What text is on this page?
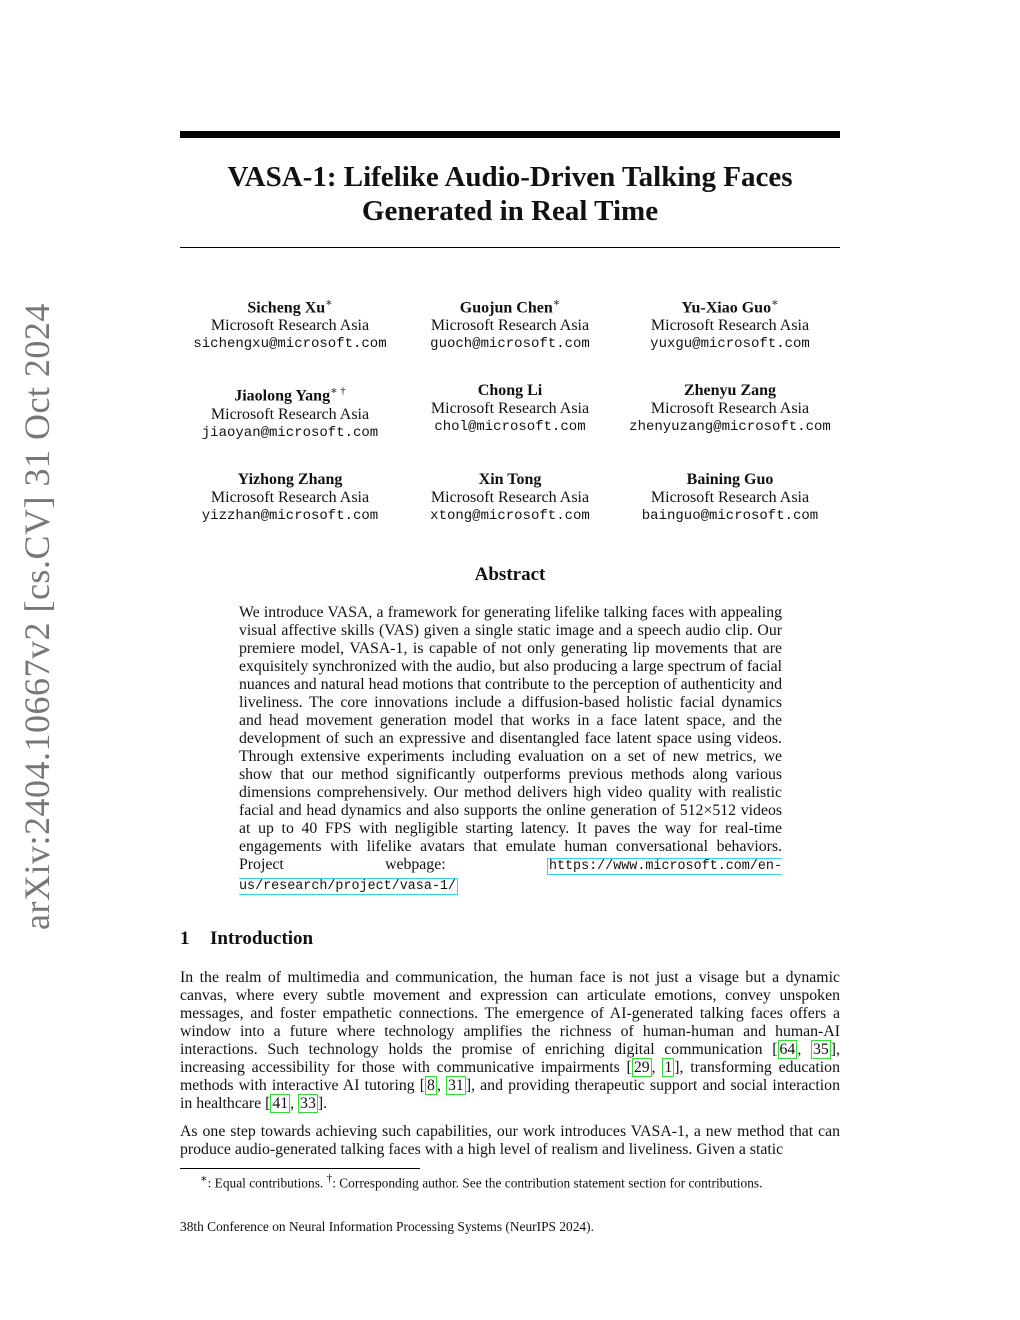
arXiv:2404.10667v2 [cs.CV] 31 Oct 2024
VASA-1: Lifelike Audio-Driven Talking Faces
Generated in Real Time
Sicheng Xu∗
Microsoft Research Asia
sichengxu@microsoft.com
Guojun Chen∗
Microsoft Research Asia
guoch@microsoft.com
Yu-Xiao Guo∗
Microsoft Research Asia
yuxgu@microsoft.com
Jiaolong Yang∗ †
Microsoft Research Asia
jiaoyan@microsoft.com
Chong Li
Microsoft Research Asia
chol@microsoft.com
Zhenyu Zang
Microsoft Research Asia
zhenyuzang@microsoft.com
Yizhong Zhang
Microsoft Research Asia
yizzhan@microsoft.com
Xin Tong
Microsoft Research Asia
xtong@microsoft.com
Baining Guo
Microsoft Research Asia
bainguo@microsoft.com
Abstract

We introduce VASA, a framework for generating lifelike talking faces with appealing visual affective skills (VAS) given a single static image and a speech audio clip. Our premiere model, VASA-1, is capable of not only generating lip movements that are exquisitely synchronized with the audio, but also producing a large spectrum of facial nuances and natural head motions that contribute to the perception of authenticity and liveliness. The core innovations include a diffusion-based holistic facial dynamics and head movement generation model that works in a face latent space, and the development of such an expressive and disentangled face latent space using videos. Through extensive experiments including evaluation on a set of new metrics, we show that our method significantly outperforms previous methods along various dimensions comprehensively. Our method delivers high video quality with realistic facial and head dynamics and also supports the online generation of 512×512 videos at up to 40 FPS with negligible starting latency. It paves the way for real-time engagements with lifelike avatars that emulate human conversational behaviors. Project webpage:	https://www.microsoft.com/en-us/research/project/vasa-1/

1 Introduction

In the realm of multimedia and communication, the human face is not just a visage but a dynamic canvas, where every subtle movement and expression can articulate emotions, convey unspoken messages, and foster empathetic connections. The emergence of AI-generated talking faces offers a window into a future where technology amplifies the richness of human-human and human-AI interactions. Such technology holds the promise of enriching digital communication [ 64 , 35 ], increasing accessibility for those with communicative impairments [ 29 , 1 ], transforming education methods with interactive AI tutoring [ 8 , 31 ], and providing therapeutic support and social interaction in healthcare [ 41 , 33 ].

As one step towards achieving such capabilities, our work introduces VASA-1, a new method that can produce audio-generated talking faces with a high level of realism and liveliness. Given a static

∗: Equal contributions. †: Corresponding author. See the contribution statement section for contributions.
38th Conference on Neural Information Processing Systems (NeurIPS 2024).
